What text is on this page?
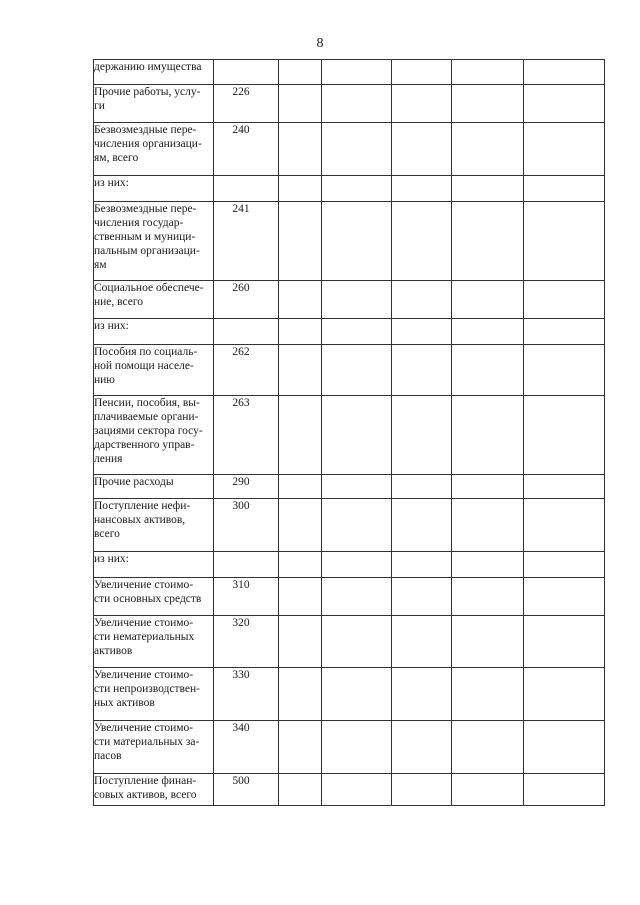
8
держанию имущества						

Прочие работы, услу-
ги	226					

Безвозмездные пере-
числения организаци-
ям, всего	240					

из них:						

Безвозмездные пере-
числения государ-
ственным и муници-
пальным организаци-
ям	241					

Социальное обеспече-
ние, всего	260					

из них:						

Пособия по социаль-
ной помощи населе-
нию	262					

Пенсии, пособия, вы-
плачиваемые органи-
зациями сектора госу-
дарственного управ-
ления	263					

Прочие расходы	290					

Поступление нефи-
нансовых активов,
всего	300					

из них:						

Увеличение стоимо-
сти основных средств	310					

Увеличение стоимо-
сти нематериальных
активов	320					

Увеличение стоимо-
сти непроизводствен-
ных активов	330					

Увеличение стоимо-
сти материальных за-
пасов	340					

Поступление финан-
совых активов, всего	500					
